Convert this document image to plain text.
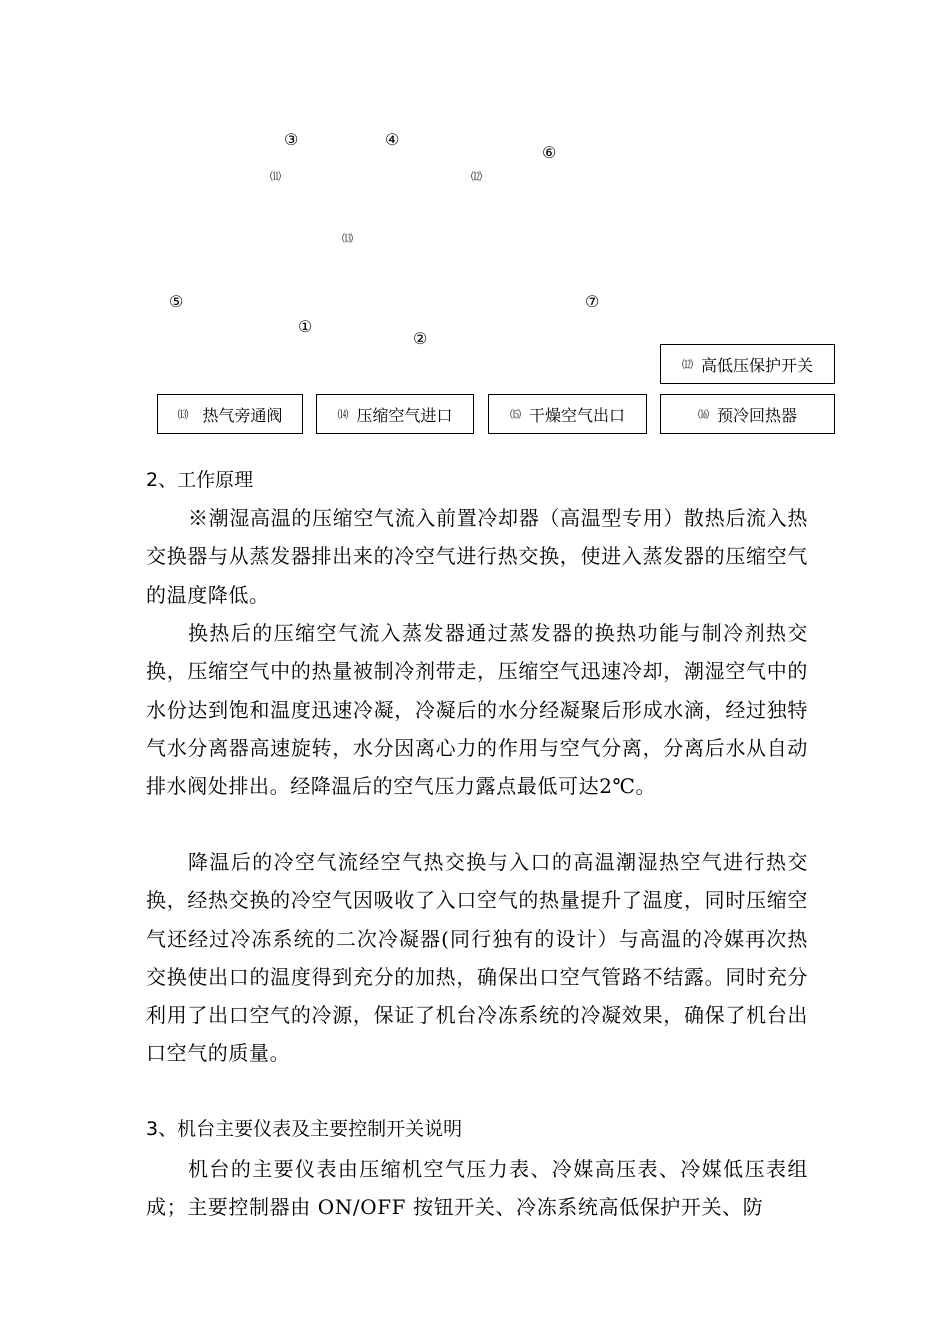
③	④
⑥
⑾	⑿
⒀
⑤	⑦
①
②
⑿ 高低压保护开关
⒀ 热气旁通阀	⒁ 压缩空气进口	⒂ 干燥空气出口	⒃ 预冷回热器
2、工作原理

※潮湿高温的压缩空气流入前置冷却器（高温型专用）散热后流入热交换器与从蒸发器排出来的冷空气进行热交换，使进入蒸发器的压缩空气的温度降低。

换热后的压缩空气流入蒸发器通过蒸发器的换热功能与制冷剂热交换，压缩空气中的热量被制冷剂带走，压缩空气迅速冷却，潮湿空气中的水份达到饱和温度迅速冷凝，冷凝后的水分经凝聚后形成水滴，经过独特气水分离器高速旋转，水分因离心力的作用与空气分离，分离后水从自动排水阀处排出。经降温后的空气压力露点最低可达2℃。

降温后的冷空气流经空气热交换与入口的高温潮湿热空气进行热交换，经热交换的冷空气因吸收了入口空气的热量提升了温度，同时压缩空气还经过冷冻系统的二次冷凝器(同行独有的设计）与高温的冷媒再次热交换使出口的温度得到充分的加热，确保出口空气管路不结露。同时充分利用了出口空气的冷源，保证了机台冷冻系统的冷凝效果，确保了机台出口空气的质量。

3、机台主要仪表及主要控制开关说明

机台的主要仪表由压缩机空气压力表、冷媒高压表、冷媒低压表组成；主要控制器由 ON/OFF 按钮开关、冷冻系统高低保护开关、防
